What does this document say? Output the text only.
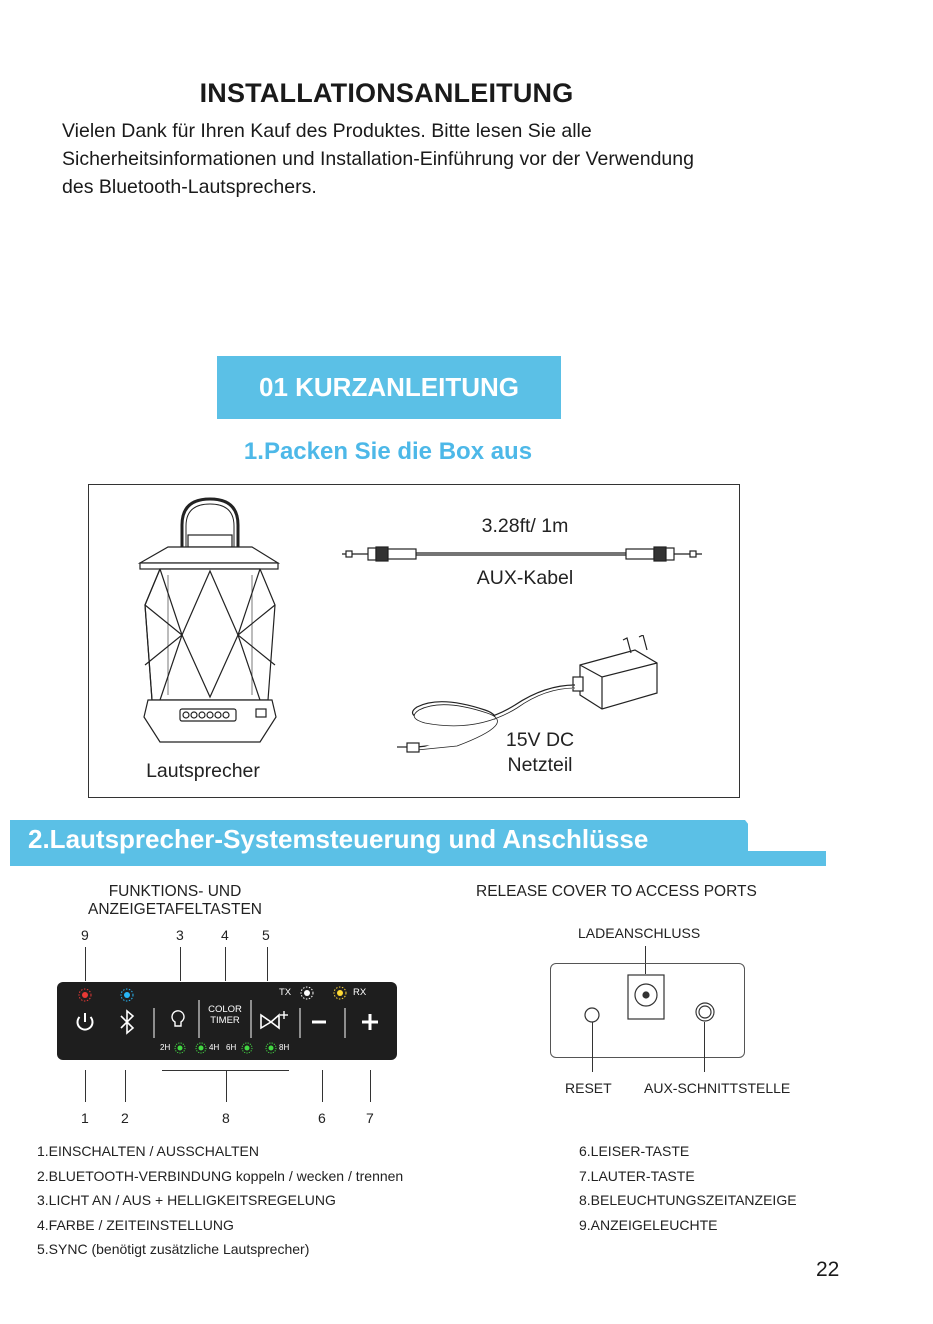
INSTALLATIONSANLEITUNG
Vielen Dank für Ihren Kauf des Produktes. Bitte lesen Sie alle
Sicherheitsinformationen und Installation-Einführung vor der Verwendung
des Bluetooth-Lautsprechers.
01 KURZANLEITUNG
1.Packen Sie die Box aus
Lautsprecher
3.28ft/ 1m
AUX-Kabel
15V DC
Netzteil
2.Lautsprecher-Systemsteuerung und Anschlüsse
FUNKTIONS- UND
ANZEIGETAFELTASTEN
9	3	4 5
COLOR
TIMER
TX	RX
2H	4H 6H	8H
1 2	8	6	7
RELEASE COVER TO ACCESS PORTS
LADEANSCHLUSS
RESET AUX-SCHNITTSTELLE
1.EINSCHALTEN / AUSSCHALTEN
2.BLUETOOTH-VERBINDUNG koppeln / wecken / trennen
3.LICHT AN / AUS + HELLIGKEITSREGELUNG
4.FARBE / ZEITEINSTELLUNG
5.SYNC (benötigt zusätzliche Lautsprecher)
6.LEISER-TASTE
7.LAUTER-TASTE
8.BELEUCHTUNGSZEITANZEIGE
9.ANZEIGELEUCHTE
22
